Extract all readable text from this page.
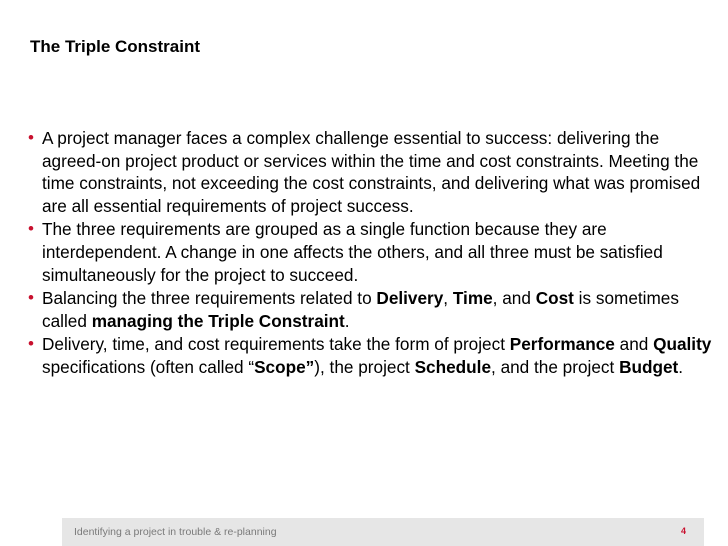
The Triple Constraint
• A project manager faces a complex challenge essential to success: delivering the agreed-on project product or services within the time and cost constraints. Meeting the time constraints, not exceeding the cost constraints, and delivering what was promised are all essential requirements of project success.
• The three requirements are grouped as a single function because they are interdependent. A change in one affects the others, and all three must be satisfied simultaneously for the project to succeed.
• Balancing the three requirements related to Delivery, Time, and Cost is sometimes called managing the Triple Constraint.
• Delivery, time, and cost requirements take the form of project Performance and Quality specifications (often called “Scope”), the project Schedule, and the project Budget.
Identifying a project in trouble & re-planning	4
